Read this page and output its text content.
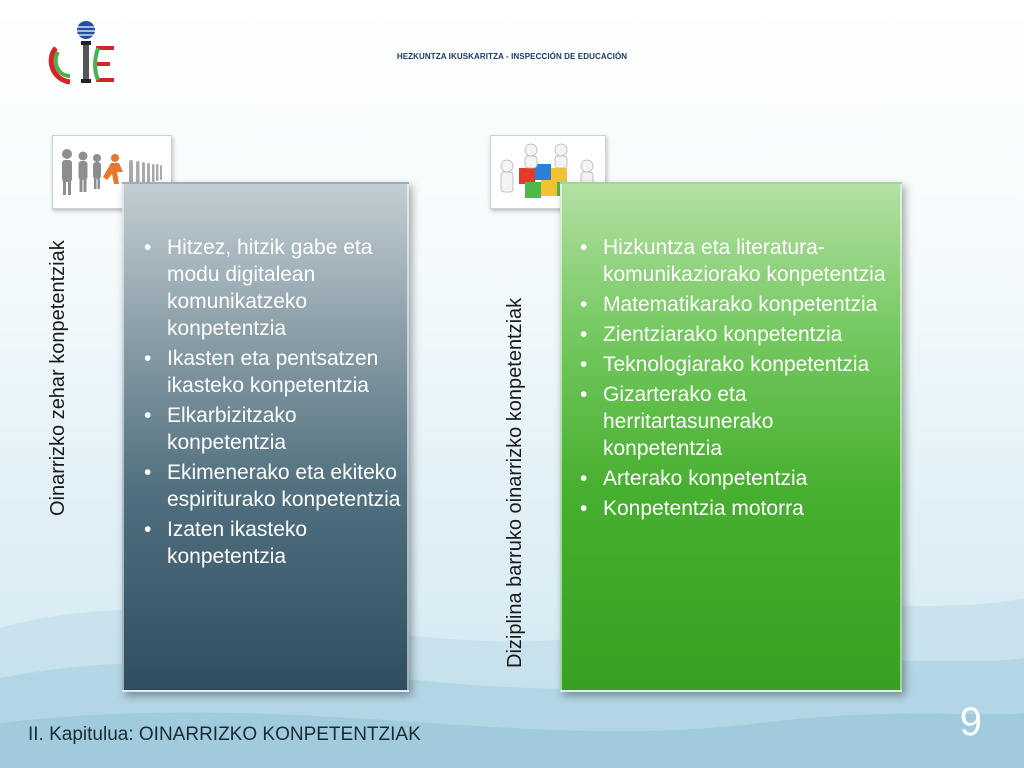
HEZKUNTZA IKUSKARITZA - INSPECCIÓN DE EDUCACIÓN
• Hitzez, hitzik gabe eta modu digitalean komunikatzeko konpetentzia
• Ikasten eta pentsatzen ikasteko konpetentzia
• Elkarbizitzako konpetentzia
• Ekimenerako eta ekiteko espiriturako konpetentzia
• Izaten ikasteko konpetentzia
• Hizkuntza eta literatura-komunikaziorako konpetentzia
• Matematikarako konpetentzia
• Zientziarako konpetentzia
• Teknologiarako konpetentzia
• Gizarterako eta herritartasunerako konpetentzia
• Arterako konpetentzia
• Konpetentzia motorra
Oinarrizko zehar konpetentziak	Diziplina barruko oinarrizko konpetentziak
II. Kapitulua: OINARRIZKO KONPETENTZIAK	9
